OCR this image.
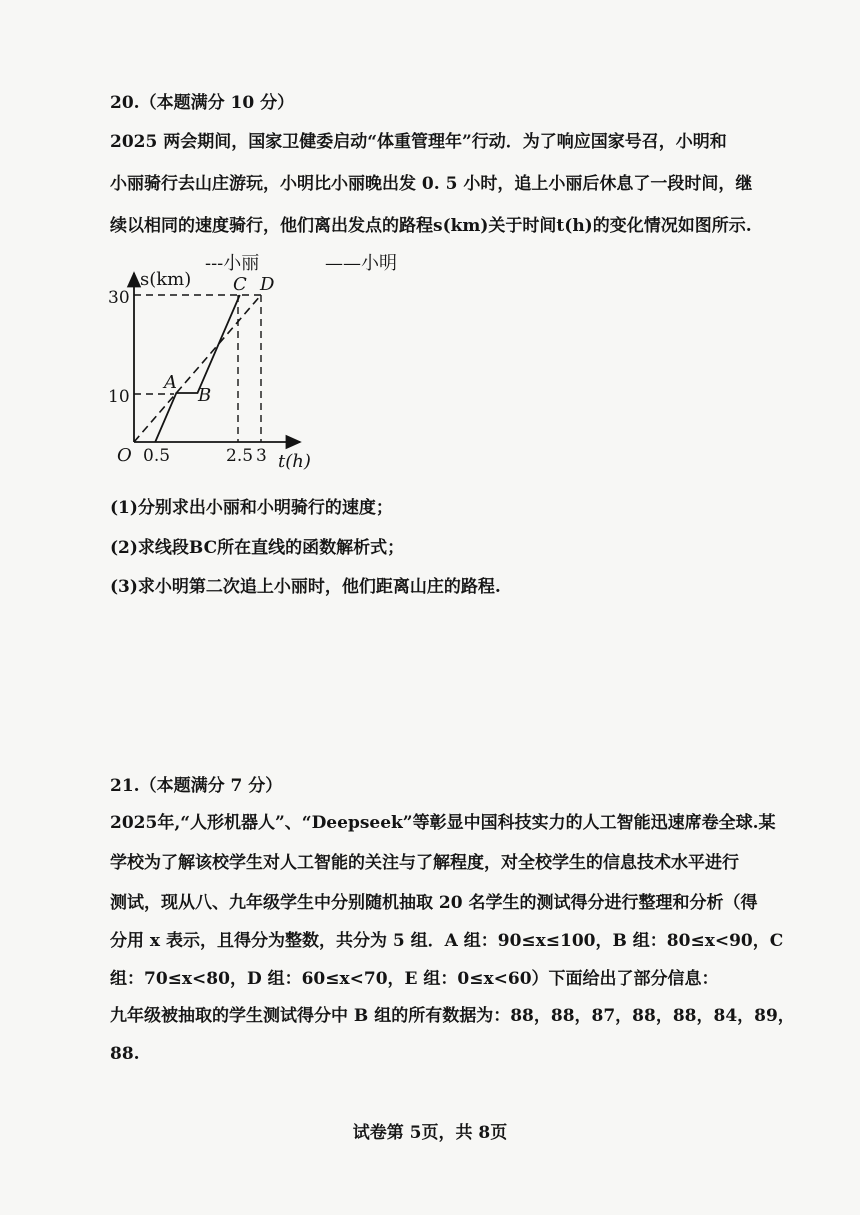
20.（本题满分 10 分）
2025 两会期间，国家卫健委启动“体重管理年”行动．为了响应国家号召，小明和
小丽骑行去山庄游玩，小明比小丽晚出发 0. 5 小时，追上小丽后休息了一段时间，继
续以相同的速度骑行，他们离出发点的路程s(km)关于时间t(h)的变化情况如图所示.
---小丽	——小明
s(km)
t(h)
O
30
10
0.5	2.5 3
A
B
C D
(1)分别求出小丽和小明骑行的速度；
(2)求线段BC所在直线的函数解析式；
(3)求小明第二次追上小丽时，他们距离山庄的路程.
21.（本题满分 7 分）
2025年,“人形机器人”、“Deepseek”等彰显中国科技实力的人工智能迅速席卷全球.某
学校为了解该校学生对人工智能的关注与了解程度，对全校学生的信息技术水平进行
测试，现从八、九年级学生中分别随机抽取 20 名学生的测试得分进行整理和分析（得
分用 x 表示，且得分为整数，共分为 5 组．A 组：90≤x≤100，B 组：80≤x<90，C
组：70≤x<80，D 组：60≤x<70，E 组：0≤x<60）下面给出了部分信息：
九年级被抽取的学生测试得分中 B 组的所有数据为：88，88，87，88，88，84，89，
88.
试卷第 5页，共 8页
